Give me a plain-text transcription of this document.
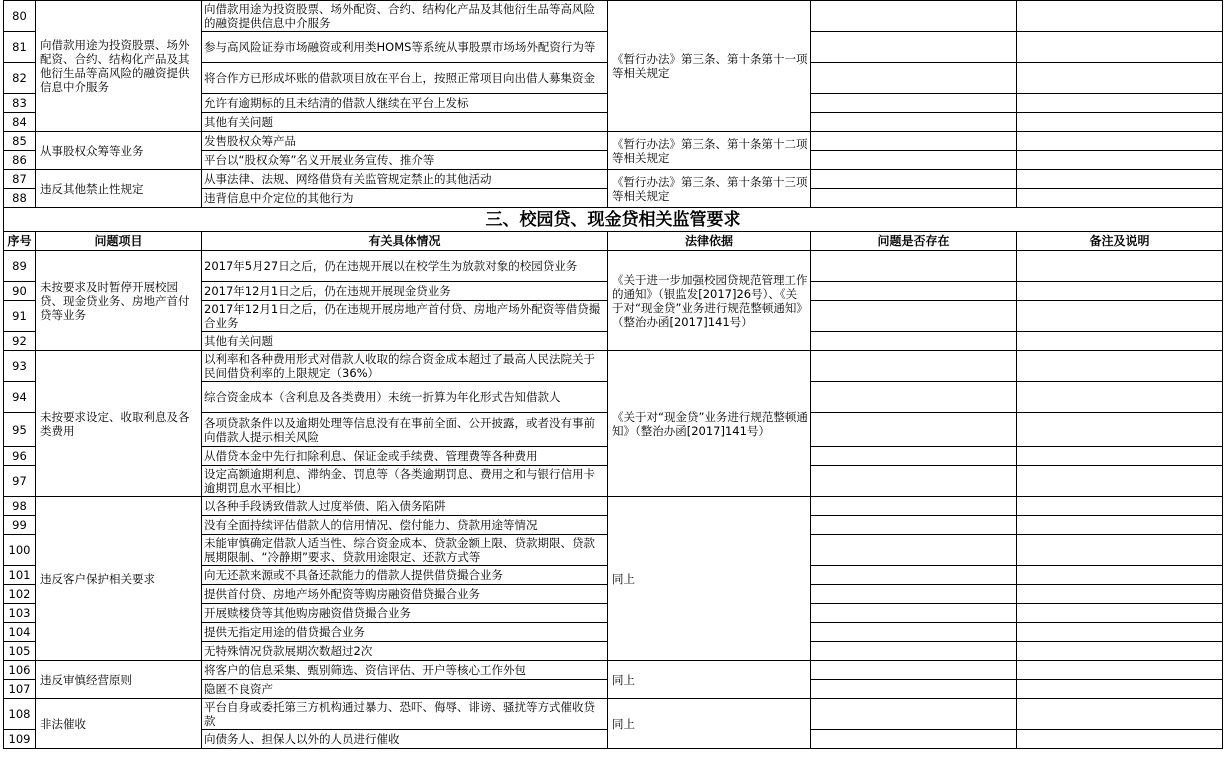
80	向借款用途为投资股票、场外配资、合约、结构化产品及其他衍生品等高风险的融资提供信息中介服务	向借款用途为投资股票、场外配资、合约、结构化产品及其他衍生品等高风险的融资提供信息中介服务	《暂行办法》第三条、第十条第十一项等相关规定		
81		参与高风险证券市场融资或利用类HOMS等系统从事股票市场场外配资行为等			
82		将合作方已形成坏账的借款项目放在平台上，按照正常项目向出借人募集资金			
83		允许有逾期标的且未结清的借款人继续在平台上发标			
84		其他有关问题			
85	从事股权众筹等业务	发售股权众筹产品	《暂行办法》第三条、第十条第十二项等相关规定		
86		平台以“股权众筹”名义开展业务宣传、推介等			
87	违反其他禁止性规定	从事法律、法规、网络借贷有关监管规定禁止的其他活动	《暂行办法》第三条、第十条第十三项等相关规定		
88		违背信息中介定位的其他行为			
三、校园贷、现金贷相关监管要求					
序号	问题项目	有关具体情况	法律依据	问题是否存在	备注及说明
89	未按要求及时暂停开展校园贷、现金贷业务、房地产首付贷等业务	2017年5月27日之后，仍在违规开展以在校学生为放款对象的校园贷业务	《关于进一步加强校园贷规范管理工作的通知》（银监发[2017]26号）、《关于对“现金贷”业务进行规范整顿通知》（整治办函[2017]141号）		
90		2017年12月1日之后，仍在违规开展现金贷业务			
91		2017年12月1日之后，仍在违规开展房地产首付贷、房地产场外配资等借贷撮合业务			
92		其他有关问题			
93	未按要求设定、收取利息及各类费用	以利率和各种费用形式对借款人收取的综合资金成本超过了最高人民法院关于民间借贷利率的上限规定（36%）	《关于对“现金贷”业务进行规范整顿通知》（整治办函[2017]141号）		
94		综合资金成本（含利息及各类费用）未统一折算为年化形式告知借款人			
95		各项贷款条件以及逾期处理等信息没有在事前全面、公开披露，或者没有事前向借款人提示相关风险			
96		从借贷本金中先行扣除利息、保证金或手续费、管理费等各种费用			
97		设定高额逾期利息、滞纳金、罚息等（各类逾期罚息、费用之和与银行信用卡逾期罚息水平相比）			
98	违反客户保护相关要求	以各种手段诱致借款人过度举债、陷入债务陷阱	同上		
99		没有全面持续评估借款人的信用情况、偿付能力、贷款用途等情况			
100		未能审慎确定借款人适当性、综合资金成本、贷款金额上限、贷款期限、贷款展期限制、“冷静期”要求、贷款用途限定、还款方式等			
101		向无还款来源或不具备还款能力的借款人提供借贷撮合业务			
102		提供首付贷、房地产场外配资等购房融资借贷撮合业务			
103		开展赎楼贷等其他购房融资借贷撮合业务			
104		提供无指定用途的借贷撮合业务			
105		无特殊情况贷款展期次数超过2次			
106	违反审慎经营原则	将客户的信息采集、甄别筛选、资信评估、开户等核心工作外包	同上		
107		隐匿不良资产			
108	非法催收	平台自身或委托第三方机构通过暴力、恐吓、侮辱、诽谤、骚扰等方式催收贷款	同上		
109		向债务人、担保人以外的人员进行催收			
